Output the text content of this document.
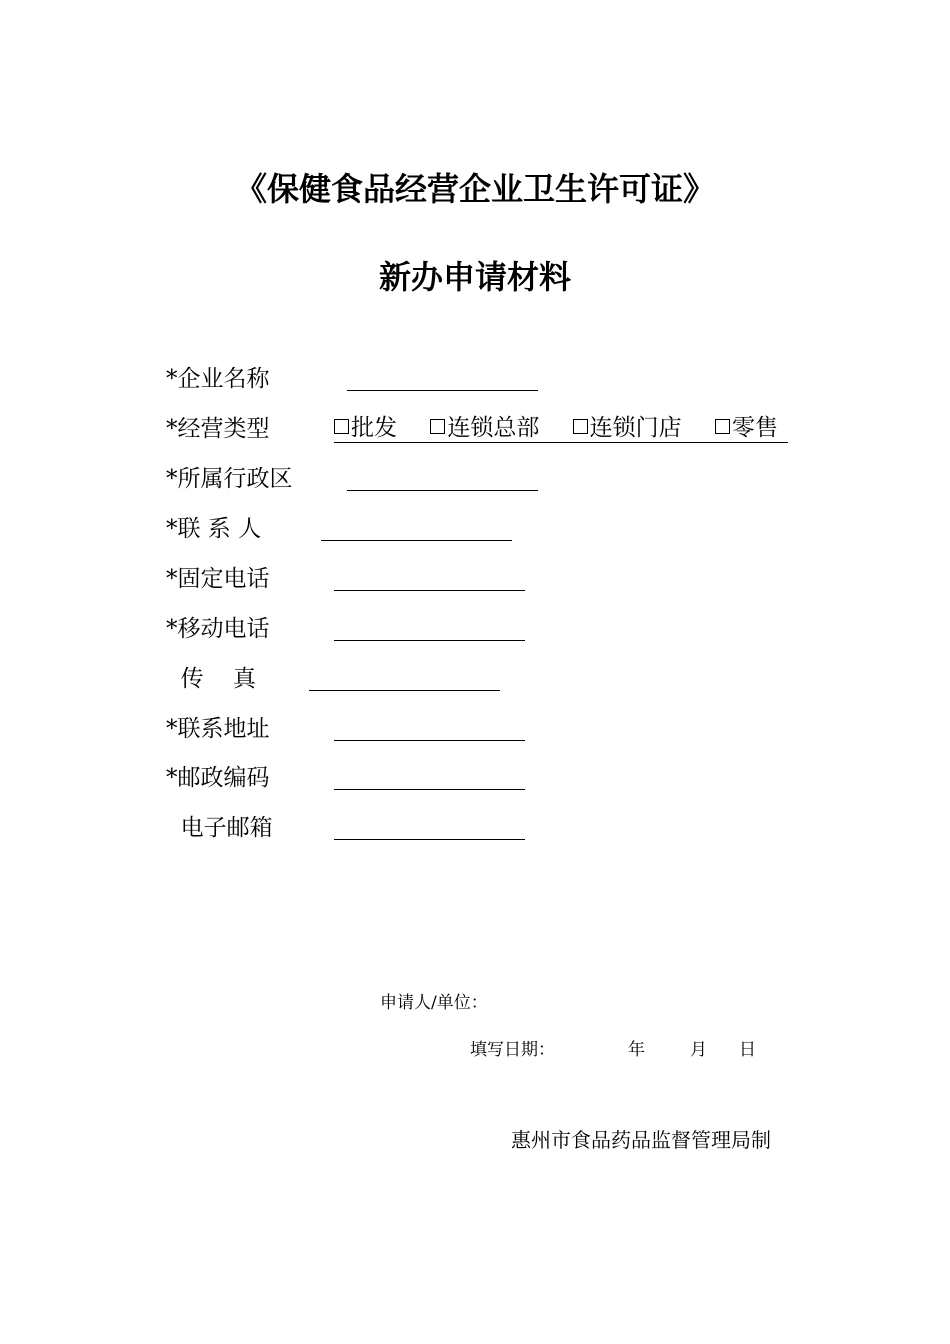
《保健食品经营企业卫生许可证》
新办申请材料
*企业名称
*经营类型	批发 连锁总部 连锁门店 零售
*所属行政区
*联 系 人
*固定电话
*移动电话
传    真
*联系地址
*邮政编码
电子邮箱
申请人/单位：
填写日期：	年	月 日
惠州市食品药品监督管理局制
